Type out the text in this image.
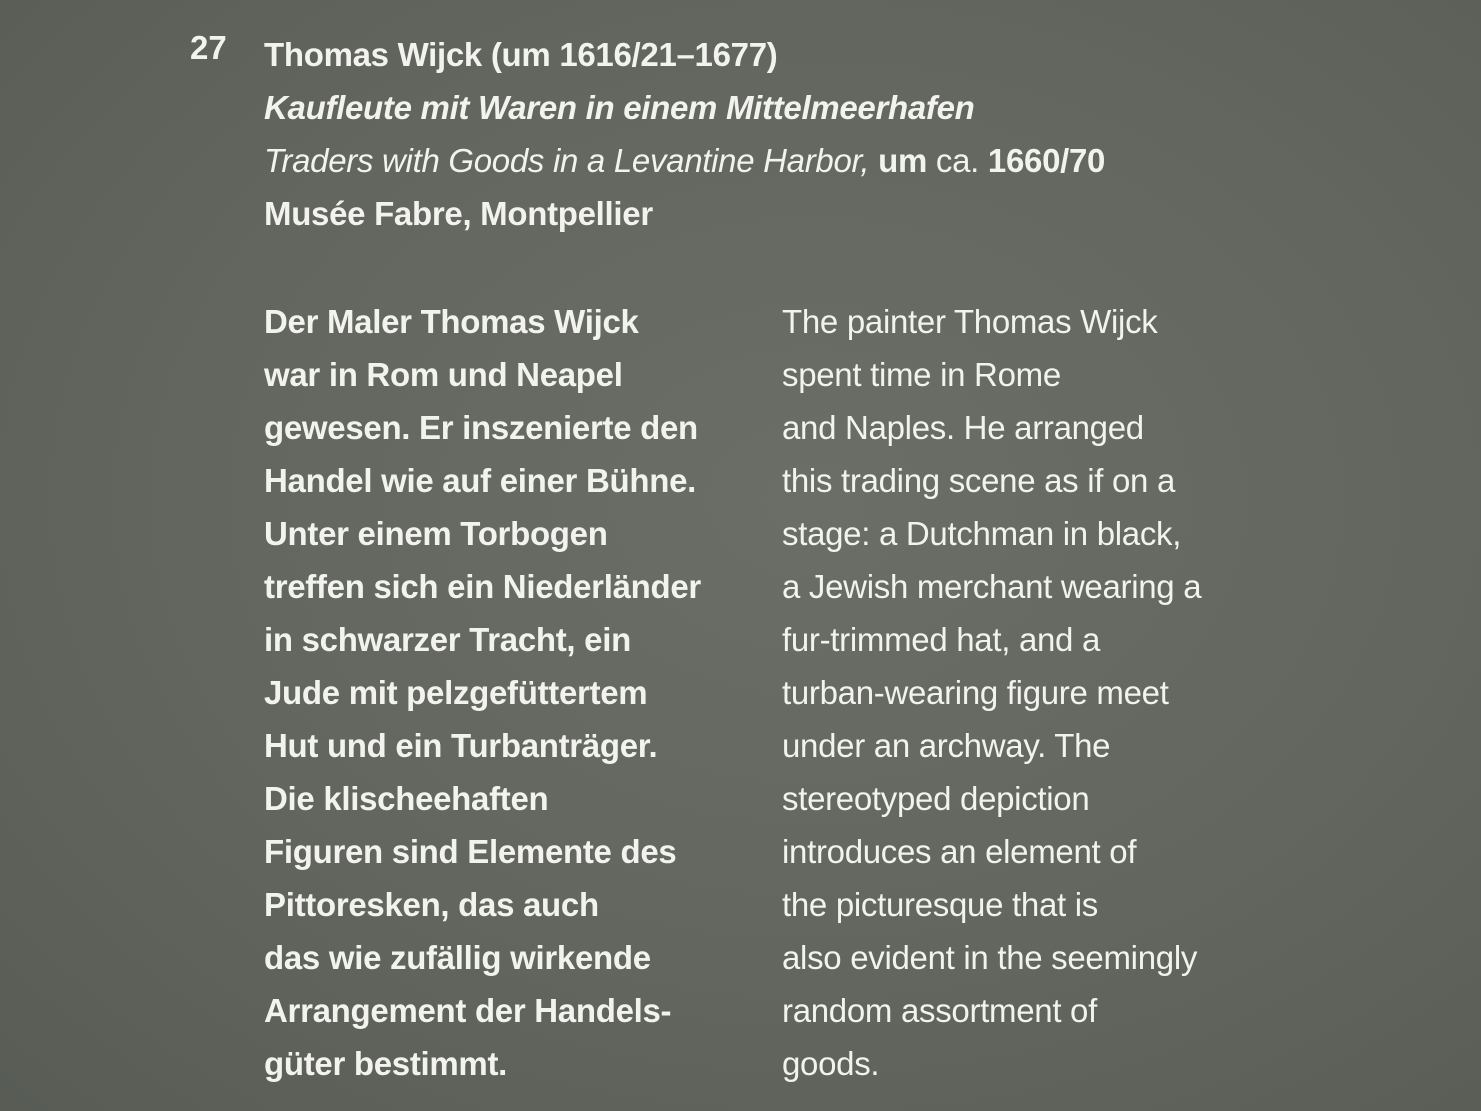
27 Thomas Wijck (um 1616/21–1677)
Kaufleute mit Waren in einem Mittelmeerhafen
Traders with Goods in a Levantine Harbor, um ca. 1660/70
Musée Fabre, Montpellier
Der Maler Thomas Wijck
war in Rom und Neapel
gewesen. Er inszenierte den
Handel wie auf einer Bühne.
Unter einem Torbogen
treffen sich ein Niederländer
in schwarzer Tracht, ein
Jude mit pelzgefüttertem
Hut und ein Turbanträger.
Die klischeehaften
Figuren sind Elemente des
Pittoresken, das auch
das wie zufällig wirkende
Arrangement der Handels-
güter bestimmt.
The painter Thomas Wijck
spent time in Rome
and Naples. He arranged
this trading scene as if on a
stage: a Dutchman in black,
a Jewish merchant wearing a
fur-trimmed hat, and a
turban-wearing figure meet
under an archway. The
stereotyped depiction
introduces an element of
the picturesque that is
also evident in the seemingly
random assortment of
goods.
